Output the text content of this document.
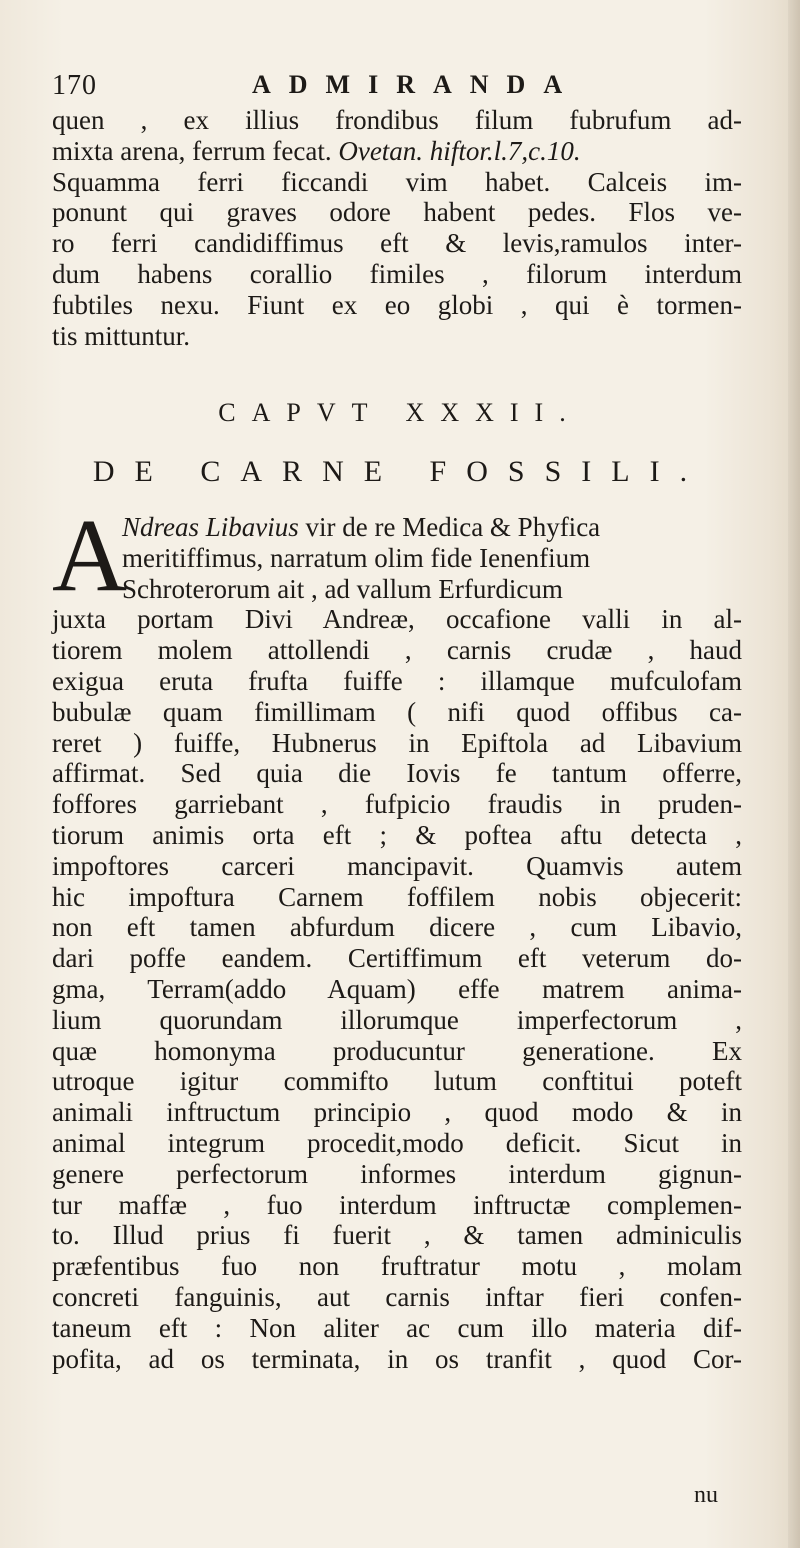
170	ADMIRANDA
quen , ex illius frondibus filum fubrufum ad-
mixta arena, ferrum fecat. Ovetan. hiftor.l.7,c.10.
Squamma ferri ficcandi vim habet. Calceis im-
ponunt qui graves odore habent pedes. Flos ve-
ro ferri candidiffimus eft & levis,ramulos inter-
dum habens corallio fimiles , filorum interdum
fubtiles nexu. Fiunt ex eo globi , qui è tormen-
tis mittuntur.
CAPVT XXXII.
DE CARNE FOSSILI.
A
Ndreas Libavius vir de re Medica & Phyfica
meritiffimus, narratum olim fide Ienenfium
Schroterorum ait , ad vallum Erfurdicum
juxta portam Divi Andreæ, occafione valli in al-
tiorem molem attollendi , carnis crudæ , haud
exigua eruta frufta fuiffe : illamque mufculofam
bubulæ quam fimillimam ( nifi quod offibus ca-
reret ) fuiffe, Hubnerus in Epiftola ad Libavium
affirmat. Sed quia die Iovis fe tantum offerre,
foffores garriebant , fufpicio fraudis in pruden-
tiorum animis orta eft ; & poftea aftu detecta ,
impoftores carceri mancipavit. Quamvis autem
hic impoftura Carnem foffilem nobis objecerit:
non eft tamen abfurdum dicere , cum Libavio,
dari poffe eandem. Certiffimum eft veterum do-
gma, Terram(addo Aquam) effe matrem anima-
lium quorundam illorumque imperfectorum ,
quæ homonyma producuntur generatione. Ex
utroque igitur commifto lutum conftitui poteft
animali inftructum principio , quod modo & in
animal integrum procedit,modo deficit. Sicut in
genere perfectorum informes interdum gignun-
tur maffæ , fuo interdum inftructæ complemen-
to. Illud prius fi fuerit , & tamen adminiculis
præfentibus fuo non fruftratur motu , molam
concreti fanguinis, aut carnis inftar fieri confen-
taneum eft : Non aliter ac cum illo materia dif-
pofita, ad os terminata, in os tranfit , quod Cor-
nu
